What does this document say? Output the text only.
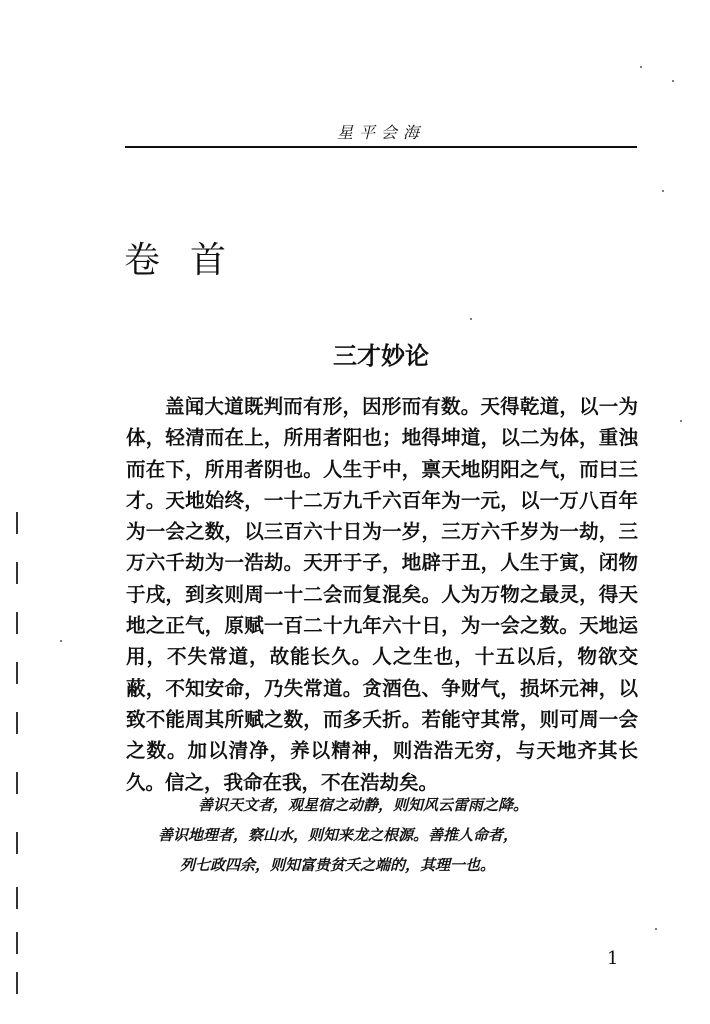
星平会海
卷首
三才妙论

盖闻大道既判而有形，因形而有数。天得乾道，以一为体，轻清而在上，所用者阳也；地得坤道，以二为体，重浊而在下，所用者阴也。人生于中，禀天地阴阳之气，而曰三才。天地始终，一十二万九千六百年为一元，以一万八百年为一会之数，以三百六十日为一岁，三万六千岁为一劫，三万六千劫为一浩劫。天开于子，地辟于丑，人生于寅，闭物于戌，到亥则周一十二会而复混矣。人为万物之最灵，得天地之正气，原赋一百二十九年六十日，为一会之数。天地运用，不失常道，故能长久。人之生也，十五以后，物欲交蔽，不知安命，乃失常道。贪酒色、争财气，损坏元神，以致不能周其所赋之数，而多夭折。若能守其常，则可周一会之数。加以清净，养以精神，则浩浩无穷，与天地齐其长久。信之，我命在我，不在浩劫矣。

善识天文者，观星宿之动静，则知风云雷雨之降。
善识地理者，察山水，则知来龙之根源。善推人命者，
列七政四余，则知富贵贫夭之端的，其理一也。
1
